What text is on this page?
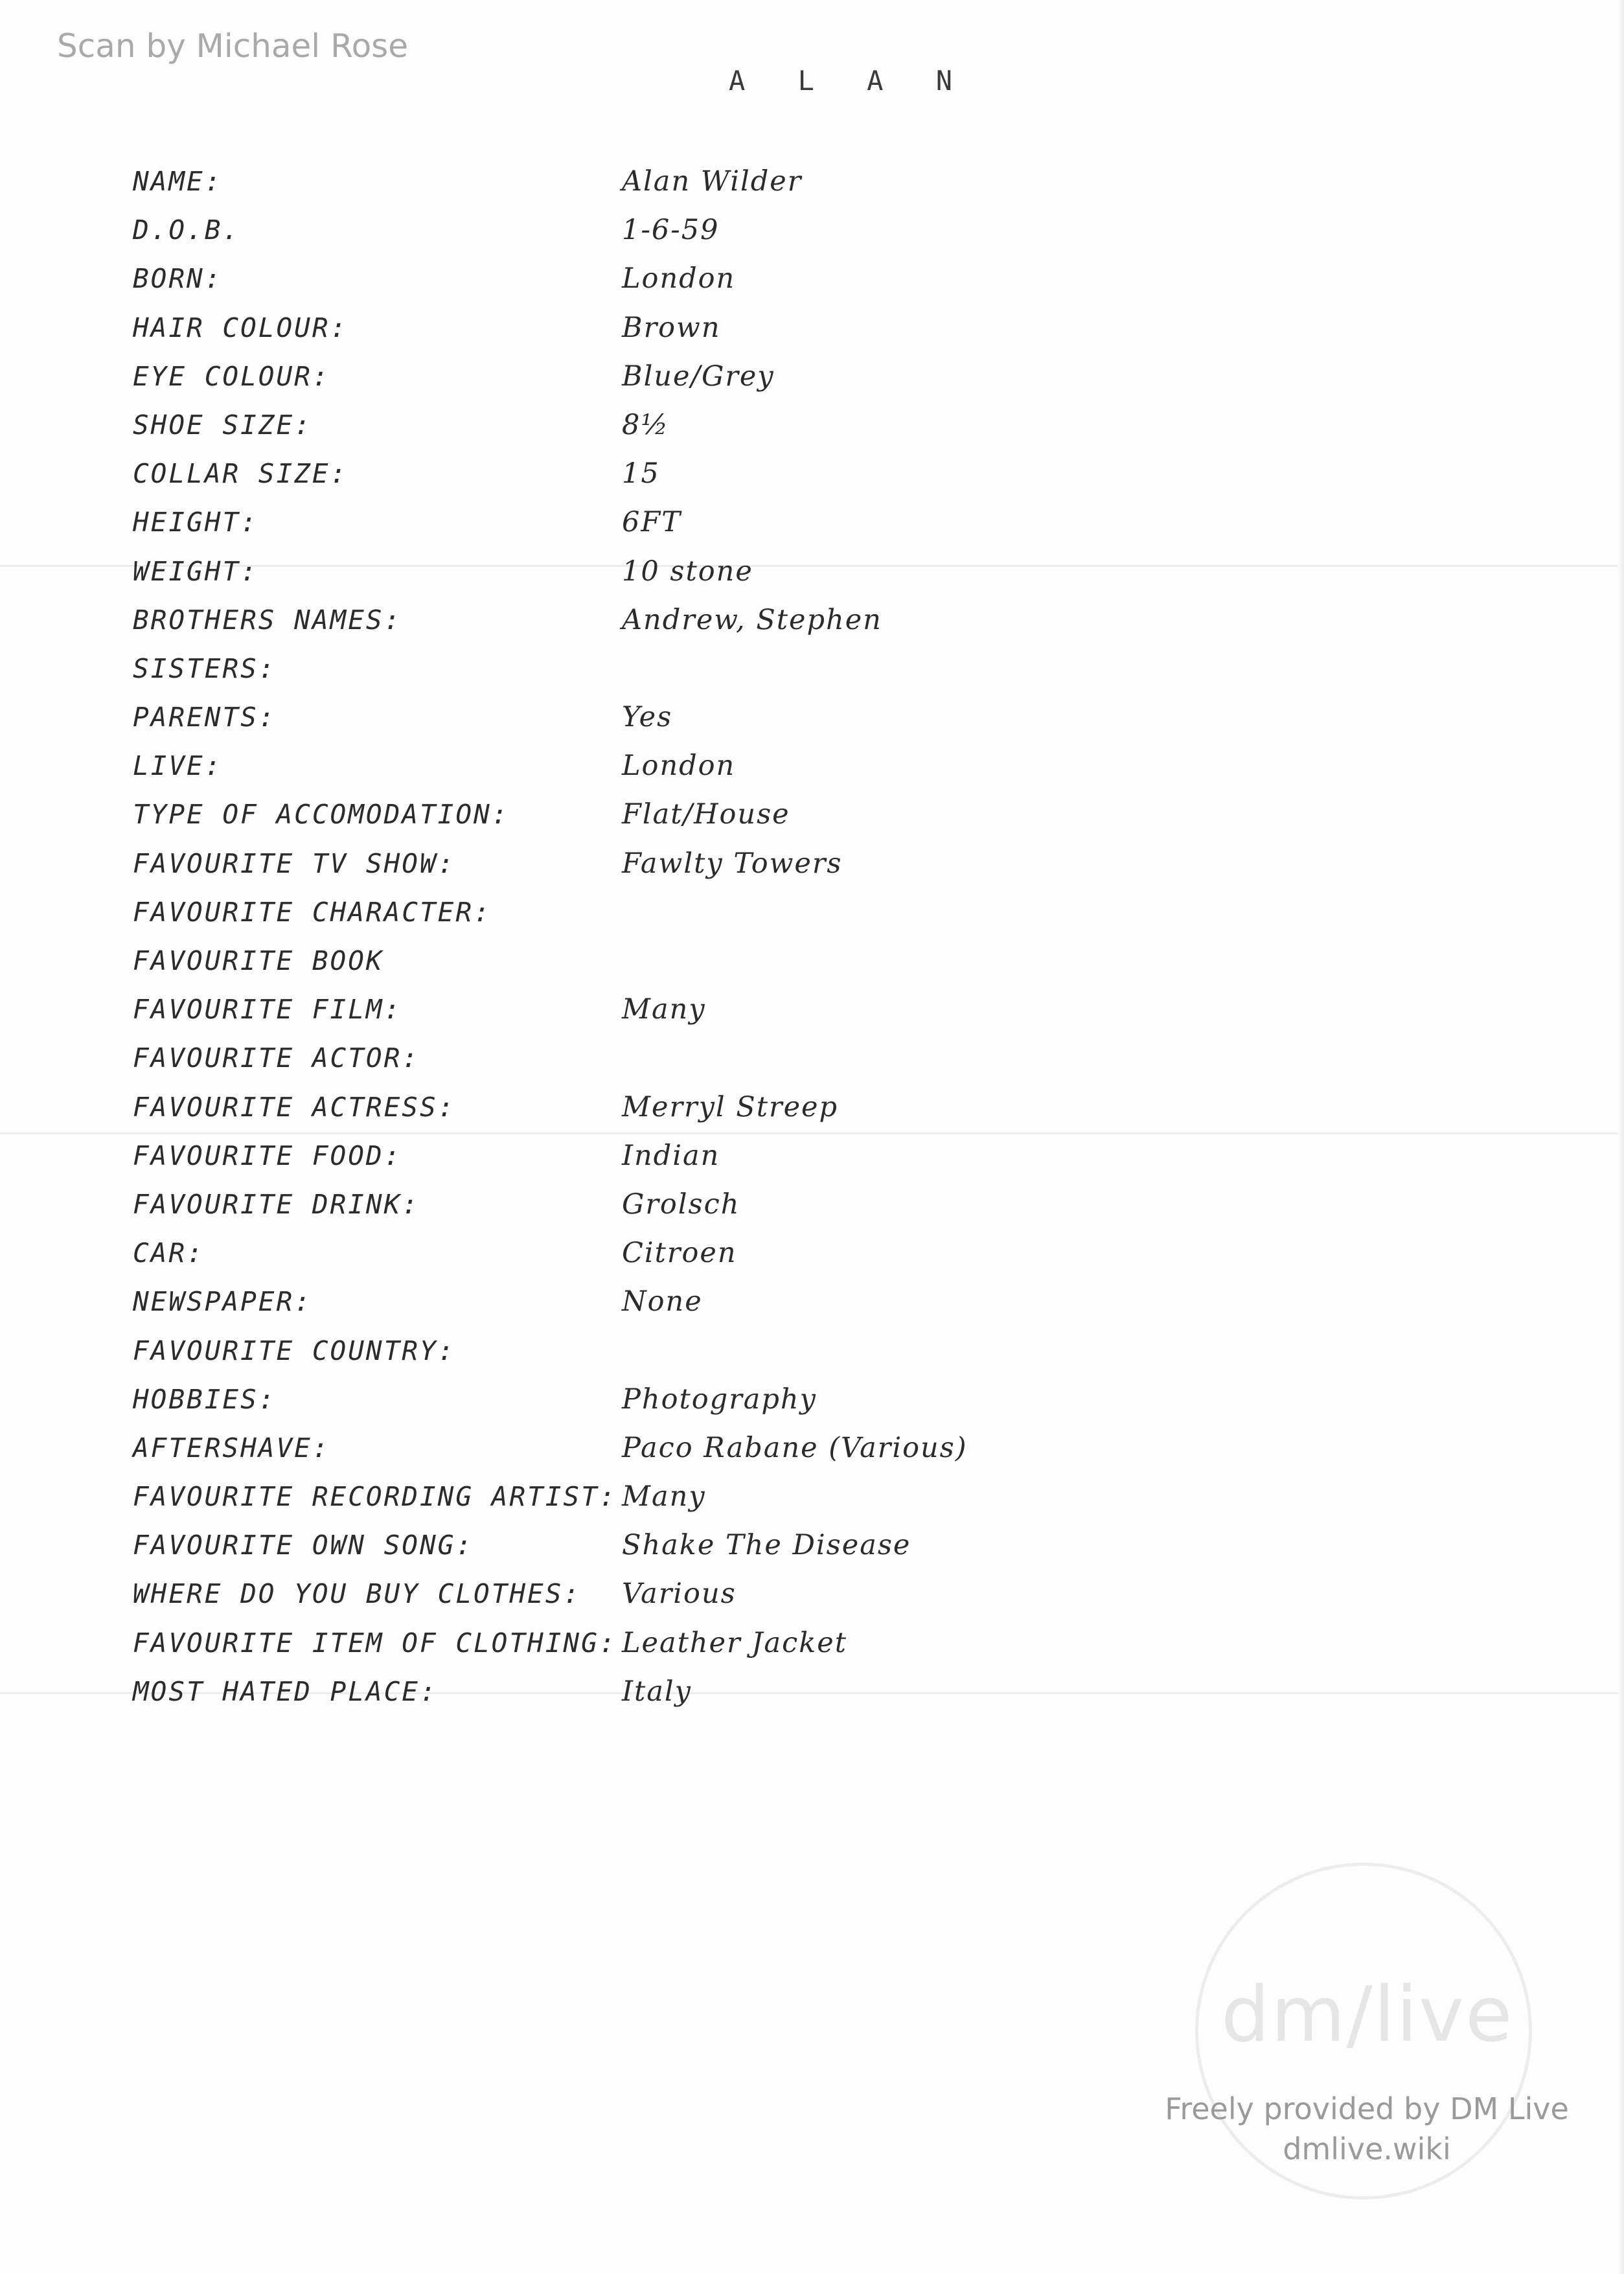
Scan by Michael Rose
A L A N
NAME:	Alan Wilder
D.O.B.	1-6-59
BORN:	London
HAIR COLOUR:	Brown
EYE COLOUR:	Blue/Grey
SHOE SIZE:	8½
COLLAR SIZE:	15
HEIGHT:	6FT
WEIGHT:	10 stone
BROTHERS NAMES:	Andrew, Stephen
SISTERS:
PARENTS:	Yes
LIVE:	London
TYPE OF ACCOMODATION:	Flat/House
FAVOURITE TV SHOW:	Fawlty Towers
FAVOURITE CHARACTER:
FAVOURITE BOOK
FAVOURITE FILM:	Many
FAVOURITE ACTOR:
FAVOURITE ACTRESS:	Merryl Streep
FAVOURITE FOOD:	Indian
FAVOURITE DRINK:	Grolsch
CAR:	Citroen
NEWSPAPER:	None
FAVOURITE COUNTRY:
HOBBIES:	Photography
AFTERSHAVE:	Paco Rabane (Various)
FAVOURITE RECORDING ARTIST: Many
FAVOURITE OWN SONG:	Shake The Disease
WHERE DO YOU BUY CLOTHES: Various
FAVOURITE ITEM OF CLOTHING: Leather Jacket
MOST HATED PLACE:	Italy
dm/live
Freely provided by DM Live
dmlive.wiki
